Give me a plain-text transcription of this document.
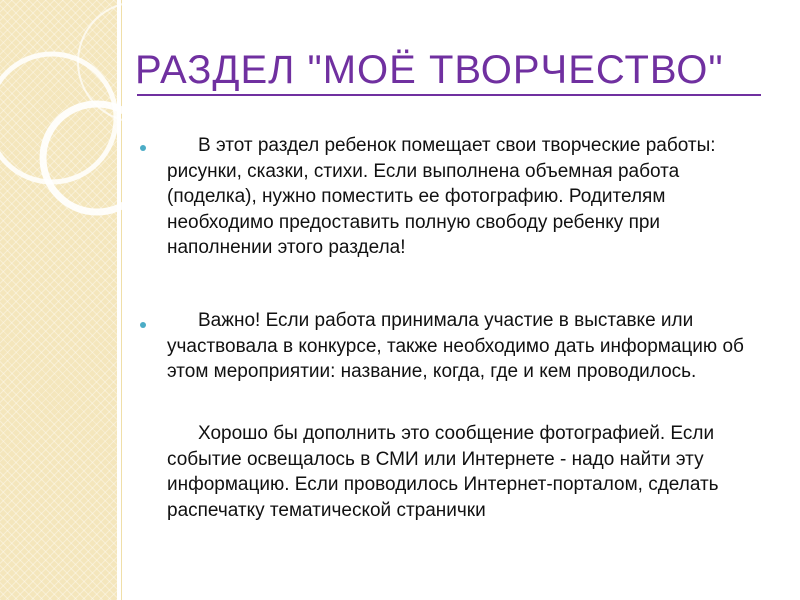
РАЗДЕЛ "МОЁ ТВОРЧЕСТВО"

В этот раздел ребенок помещает свои творческие работы: рисунки, сказки, стихи. Если выполнена объемная работа (поделка), нужно поместить ее фотографию. Родителям необходимо предоставить полную свободу ребенку при наполнении этого раздела!

Важно! Если работа принимала участие в выставке или участвовала в конкурсе, также необходимо дать информацию об этом мероприятии: название, когда, где и кем проводилось.

Хорошо бы дополнить это сообщение фотографией. Если событие освещалось в СМИ или Интернете - надо найти эту информацию. Если проводилось Интернет-порталом, сделать распечатку тематической странички
